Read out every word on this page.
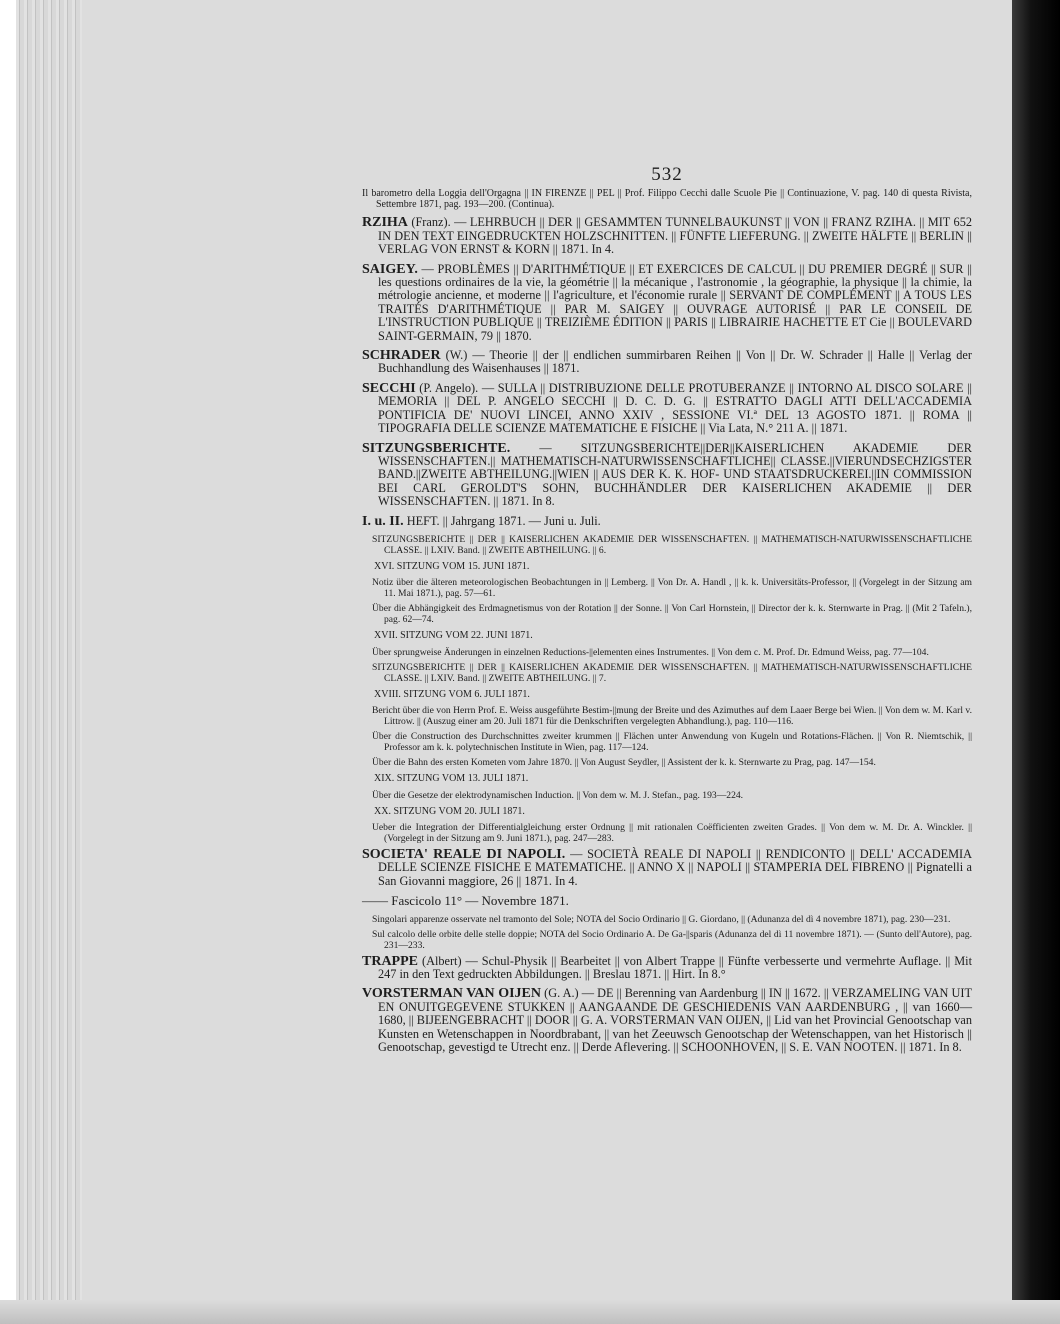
532
Il barometro della Loggia dell'Orgagna || IN FIRENZE || PEL || Prof. Filippo Cecchi dalle Scuole Pie || Continuazione, V. pag. 140 di questa Rivista, Settembre 1871, pag. 193—200. (Continua).
RZIHA (Franz). — LEHRBUCH || DER || GESAMMTEN TUNNELBAUKUNST || VON || FRANZ RZIHA. || MIT 652 IN DEN TEXT EINGEDRUCKTEN HOLZSCHNITTEN. || FÜNFTE LIEFERUNG. || ZWEITE HÄLFTE || BERLIN || VERLAG VON ERNST & KORN || 1871. In 4.
SAIGEY. — PROBLÈMES || D'ARITHMÉTIQUE || ET EXERCICES DE CALCUL || DU PREMIER DEGRÉ || SUR || les questions ordinaires de la vie, la géométrie || la mécanique , l'astronomie , la géographie, la physique || la chimie, la métrologie ancienne, et moderne || l'agriculture, et l'économie rurale || SERVANT DE COMPLÉMENT || A TOUS LES TRAITÉS D'ARITHMÉTIQUE || PAR M. SAIGEY || OUVRAGE AUTORISÉ || PAR LE CONSEIL DE L'INSTRUCTION PUBLIQUE || TREIZIÈME ÉDITION || PARIS || LIBRAIRIE HACHETTE ET Cie || BOULEVARD SAINT-GERMAIN, 79 || 1870.
SCHRADER (W.) — Theorie || der || endlichen summirbaren Reihen || Von || Dr. W. Schrader || Halle || Verlag der Buchhandlung des Waisenhauses || 1871.
SECCHI (P. Angelo). — SULLA || DISTRIBUZIONE DELLE PROTUBERANZE || INTORNO AL DISCO SOLARE || MEMORIA || DEL P. ANGELO SECCHI || D. C. D. G. || ESTRATTO DAGLI ATTI DELL'ACCADEMIA PONTIFICIA DE' NUOVI LINCEI, ANNO XXIV , SESSIONE VI.ª DEL 13 AGOSTO 1871. || ROMA || TIPOGRAFIA DELLE SCIENZE MATEMATICHE E FISICHE || Via Lata, N.° 211 A. || 1871.
SITZUNGSBERICHTE. — SITZUNGSBERICHTE||DER||KAISERLICHEN AKADEMIE DER WISSENSCHAFTEN.|| MATHEMATISCH-NATURWISSENSCHAFTLICHE|| CLASSE.||VIERUNDSECHZIGSTER BAND.||ZWEITE ABTHEILUNG.||WIEN || AUS DER K. K. HOF- UND STAATSDRUCKEREI.||IN COMMISSION BEI CARL GEROLDT'S SOHN, BUCHHÄNDLER DER KAISERLICHEN AKADEMIE || DER WISSENSCHAFTEN. || 1871. In 8.
I. u. II. HEFT. || Jahrgang 1871. — Juni u. Juli.
SITZUNGSBERICHTE || DER || KAISERLICHEN AKADEMIE DER WISSENSCHAFTEN. || MATHEMATISCH-NATURWISSENSCHAFTLICHE CLASSE. || LXIV. Band. || ZWEITE ABTHEILUNG. || 6.
XVI. SITZUNG VOM 15. JUNI 1871.
Notiz über die älteren meteorologischen Beobachtungen in || Lemberg. || Von Dr. A. Handl , || k. k. Universitäts-Professor, || (Vorgelegt in der Sitzung am 11. Mai 1871.), pag. 57—61.
Über die Abhängigkeit des Erdmagnetismus von der Rotation || der Sonne. || Von Carl Hornstein, || Director der k. k. Sternwarte in Prag. || (Mit 2 Tafeln.), pag. 62—74.
XVII. SITZUNG VOM 22. JUNI 1871.
Über sprungweise Änderungen in einzelnen Reductions-||elementen eines Instrumentes. || Von dem c. M. Prof. Dr. Edmund Weiss, pag. 77—104.
SITZUNGSBERICHTE || DER || KAISERLICHEN AKADEMIE DER WISSENSCHAFTEN. || MATHEMATISCH-NATURWISSENSCHAFTLICHE CLASSE. || LXIV. Band. || ZWEITE ABTHEILUNG. || 7.
XVIII. SITZUNG VOM 6. JULI 1871.
Bericht über die von Herrn Prof. E. Weiss ausgeführte Bestim-||mung der Breite und des Azimuthes auf dem Laaer Berge bei Wien. || Von dem w. M. Karl v. Littrow. || (Auszug einer am 20. Juli 1871 für die Denkschriften vergelegten Abhandlung.), pag. 110—116.
Über die Construction des Durchschnittes zweiter krummen || Flächen unter Anwendung von Kugeln und Rotations-Flächen. || Von R. Niemtschik, || Professor am k. k. polytechnischen Institute in Wien, pag. 117—124.
Über die Bahn des ersten Kometen vom Jahre 1870. || Von August Seydler, || Assistent der k. k. Sternwarte zu Prag, pag. 147—154.
XIX. SITZUNG VOM 13. JULI 1871.
Über die Gesetze der elektrodynamischen Induction. || Von dem w. M. J. Stefan., pag. 193—224.
XX. SITZUNG VOM 20. JULI 1871.
Ueber die Integration der Differentialgleichung erster Ordnung || mit rationalen Coëfficienten zweiten Grades. || Von dem w. M. Dr. A. Winckler. || (Vorgelegt in der Sitzung am 9. Juni 1871.), pag. 247—283.
SOCIETA' REALE DI NAPOLI. — SOCIETÀ REALE DI NAPOLI || RENDICONTO || DELL' ACCADEMIA DELLE SCIENZE FISICHE E MATEMATICHE. || ANNO X || NAPOLI || STAMPERIA DEL FIBRENO || Pignatelli a San Giovanni maggiore, 26 || 1871. In 4.
—— Fascicolo 11° — Novembre 1871.
Singolari apparenze osservate nel tramonto del Sole; NOTA del Socio Ordinario || G. Giordano, || (Adunanza del dì 4 novembre 1871), pag. 230—231.
Sul calcolo delle orbite delle stelle doppie; NOTA del Socio Ordinario A. De Ga-||sparis (Adunanza del dì 11 novembre 1871). — (Sunto dell'Autore), pag. 231—233.
TRAPPE (Albert) — Schul-Physik || Bearbeitet || von Albert Trappe || Fünfte verbesserte und vermehrte Auflage. || Mit 247 in den Text gedruckten Abbildungen. || Breslau 1871. || Hirt. In 8.°
VORSTERMAN VAN OIJEN (G. A.) — DE || Berenning van Aardenburg || IN || 1672. || VERZAMELING VAN UIT EN ONUITGEGEVENE STUKKEN || AANGAANDE DE GESCHIEDENIS VAN AARDENBURG , || van 1660—1680, || BIJEENGEBRACHT || DOOR || G. A. VORSTERMAN VAN OIJEN, || Lid van het Provincial Genootschap van Kunsten en Wetenschappen in Noordbrabant, || van het Zeeuwsch Genootschap der Wetenschappen, van het Historisch || Genootschap, gevestigd te Utrecht enz. || Derde Aflevering. || SCHOONHOVEN, || S. E. VAN NOOTEN. || 1871. In 8.
